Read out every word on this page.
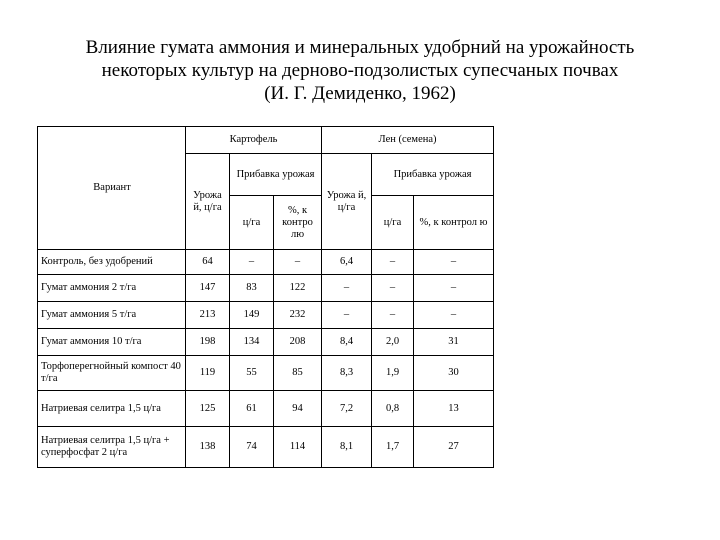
Влияние гумата аммония и минеральных удобрний на урожайность
некоторых культур на дерново-подзолистых супесчаных почвах
(И. Г. Демиденко, 1962)
Вариант	Картофель			Лен (семена)		
	Урожа й, ц/га	Прибавка урожая		Урожа й, ц/га	Прибавка урожая	
		ц/га	%, к контро лю		ц/га	%, к контрол ю
Контроль, без удобрений	64	–	–	6,4	–	–
Гумат аммония 2 т/га	147	83	122	–	–	–
Гумат аммония 5 т/га	213	149	232	–	–	–
Гумат аммония 10 т/га	198	134	208	8,4	2,0	31
Торфоперегнойный компост 40 т/га	119	55	85	8,3	1,9	30
Натриевая селитра 1,5 ц/га	125	61	94	7,2	0,8	13
Натриевая селитра 1,5 ц/га + суперфосфат 2 ц/га	138	74	114	8,1	1,7	27
